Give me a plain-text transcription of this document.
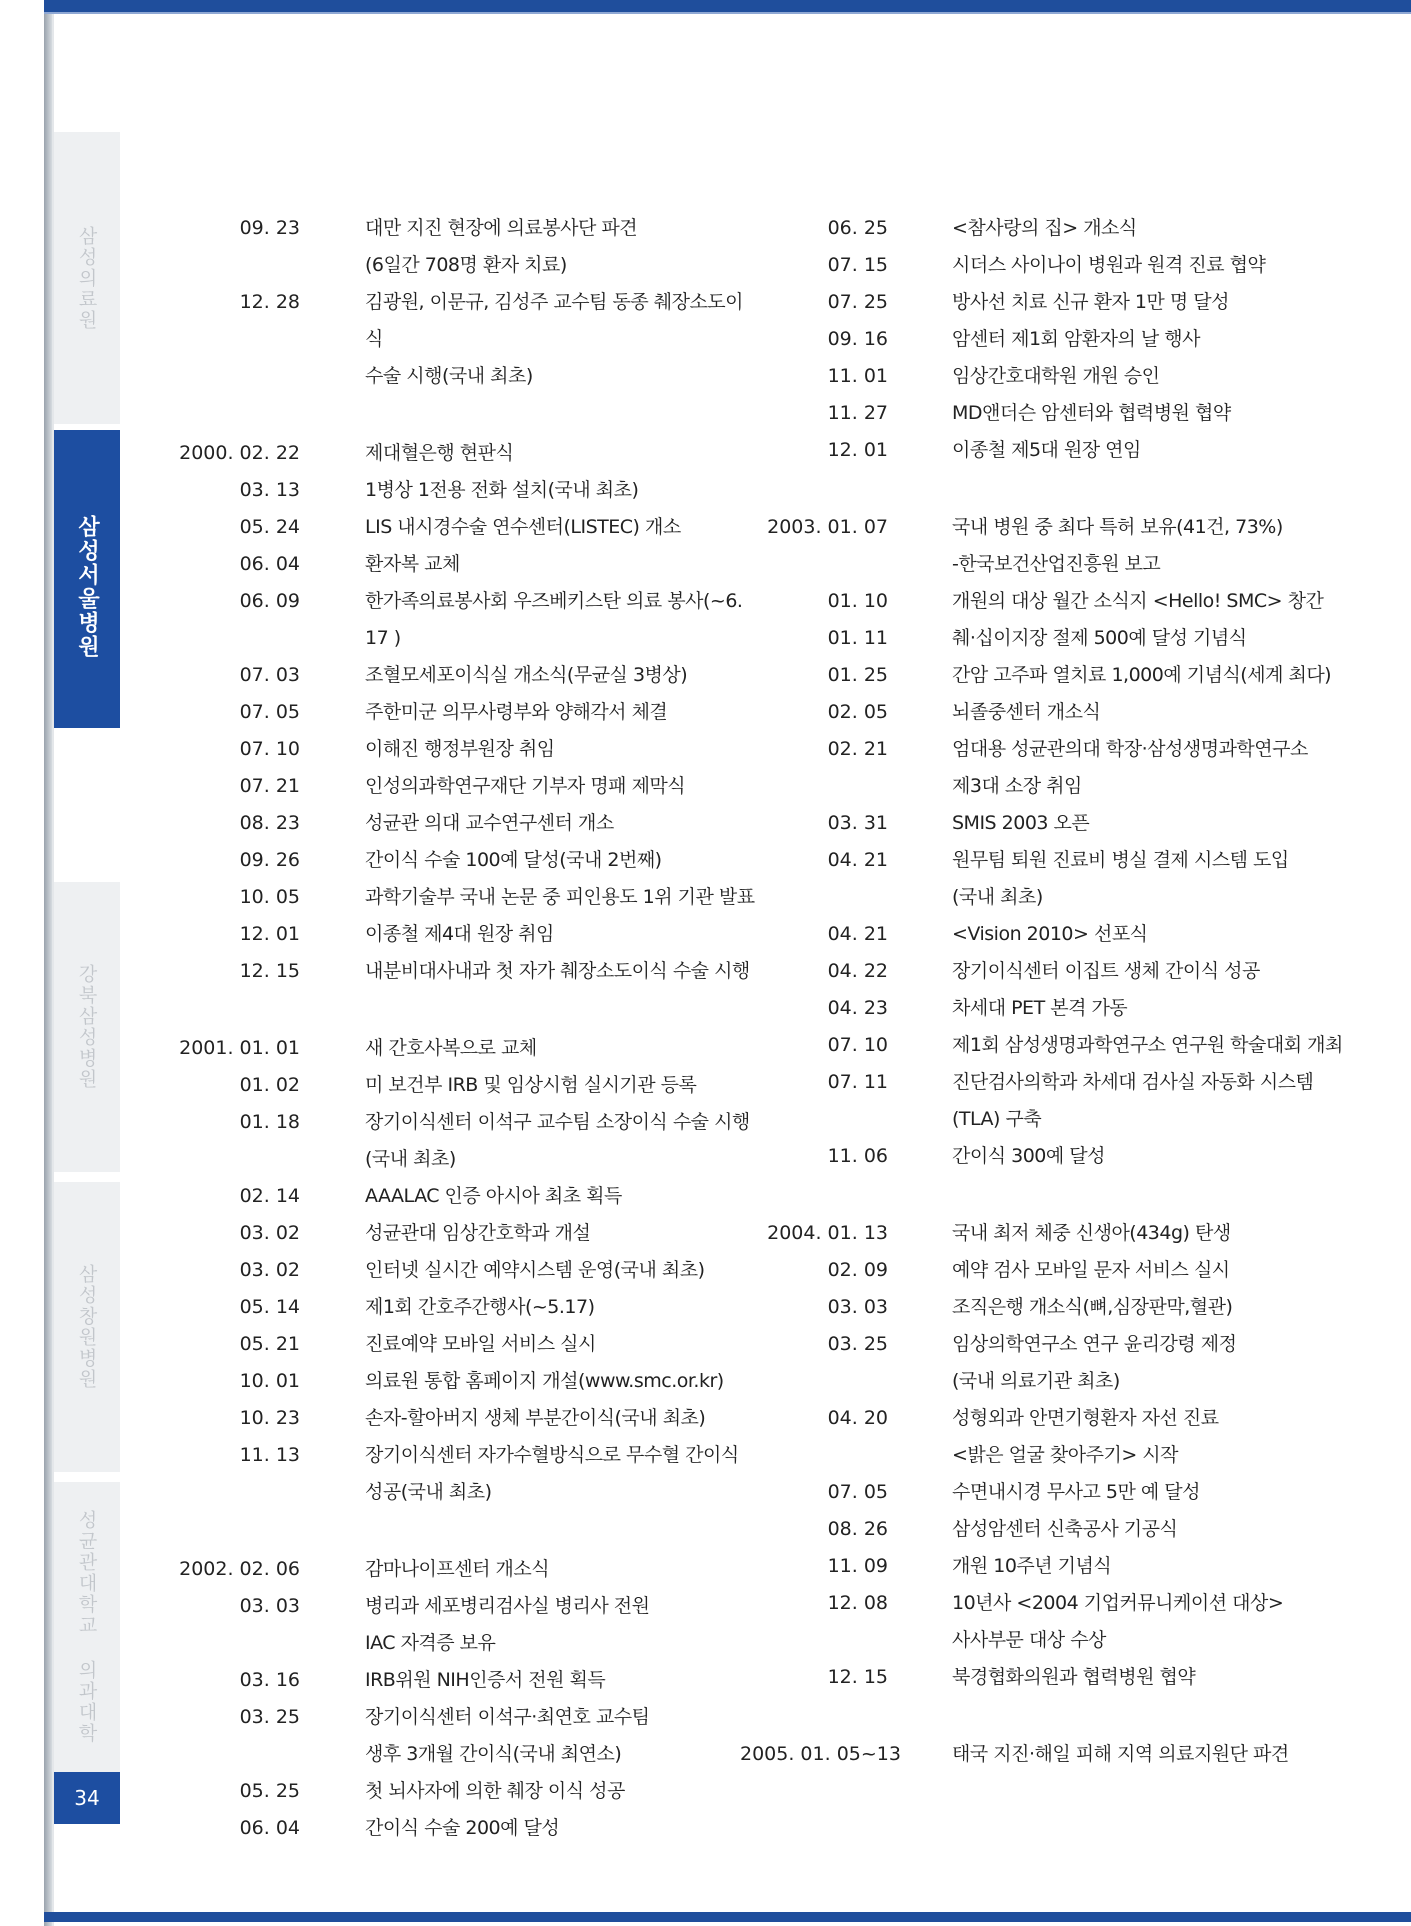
삼성의료원
삼성서울병원
강북삼성병원
삼성창원병원
성균관대학교 의과대학
34
09. 23	대만 지진 현장에 의료봉사단 파견
(6일간 708명 환자 치료)
12. 28	김광원, 이문규, 김성주 교수팀 동종 췌장소도이식
수술 시행(국내 최초)
2000. 02. 22	제대혈은행 현판식
03. 13	1병상 1전용 전화 설치(국내 최초)
05. 24	LIS 내시경수술 연수센터(LISTEC) 개소
06. 04	환자복 교체
06. 09	한가족의료봉사회 우즈베키스탄 의료 봉사(~6. 17 )
07. 03	조혈모세포이식실 개소식(무균실 3병상)
07. 05	주한미군 의무사령부와 양해각서 체결
07. 10	이해진 행정부원장 취임
07. 21	인성의과학연구재단 기부자 명패 제막식
08. 23	성균관 의대 교수연구센터 개소
09. 26	간이식 수술 100예 달성(국내 2번째)
10. 05	과학기술부 국내 논문 중 피인용도 1위 기관 발표
12. 01	이종철 제4대 원장 취임
12. 15	내분비대사내과 첫 자가 췌장소도이식 수술 시행
2001. 01. 01	새 간호사복으로 교체
01. 02	미 보건부 IRB 및 임상시험 실시기관 등록
01. 18	장기이식센터 이석구 교수팀 소장이식 수술 시행
(국내 최초)
02. 14	AAALAC 인증 아시아 최초 획득
03. 02	성균관대 임상간호학과 개설
03. 02	인터넷 실시간 예약시스템 운영(국내 최초)
05. 14	제1회 간호주간행사(~5.17)
05. 21	진료예약 모바일 서비스 실시
10. 01	의료원 통합 홈페이지 개설(www.smc.or.kr)
10. 23	손자-할아버지 생체 부분간이식(국내 최초)
11. 13	장기이식센터 자가수혈방식으로 무수혈 간이식
성공(국내 최초)
2002. 02. 06	감마나이프센터 개소식
03. 03	병리과 세포병리검사실 병리사 전원
IAC 자격증 보유
03. 16	IRB위원 NIH인증서 전원 획득
03. 25	장기이식센터 이석구·최연호 교수팀
생후 3개월 간이식(국내 최연소)
05. 25	첫 뇌사자에 의한 췌장 이식 성공
06. 04	간이식 수술 200예 달성
06. 25	<참사랑의 집> 개소식
07. 15	시더스 사이나이 병원과 원격 진료 협약
07. 25	방사선 치료 신규 환자 1만 명 달성
09. 16	암센터 제1회 암환자의 날 행사
11. 01	임상간호대학원 개원 승인
11. 27	MD앤더슨 암센터와 협력병원 협약
12. 01	이종철 제5대 원장 연임
2003. 01. 07	국내 병원 중 최다 특허 보유(41건, 73%)
-한국보건산업진흥원 보고
01. 10	개원의 대상 월간 소식지 <Hello! SMC> 창간
01. 11	췌·십이지장 절제 500예 달성 기념식
01. 25	간암 고주파 열치료 1,000예 기념식(세계 최다)
02. 05	뇌졸중센터 개소식
02. 21	엄대용 성균관의대 학장·삼성생명과학연구소
제3대 소장 취임
03. 31	SMIS 2003 오픈
04. 21	원무팀 퇴원 진료비 병실 결제 시스템 도입
(국내 최초)
04. 21	<Vision 2010> 선포식
04. 22	장기이식센터 이집트 생체 간이식 성공
04. 23	차세대 PET 본격 가동
07. 10	제1회 삼성생명과학연구소 연구원 학술대회 개최
07. 11	진단검사의학과 차세대 검사실 자동화 시스템
(TLA) 구축
11. 06	간이식 300예 달성
2004. 01. 13	국내 최저 체중 신생아(434g) 탄생
02. 09	예약 검사 모바일 문자 서비스 실시
03. 03	조직은행 개소식(뼈,심장판막,혈관)
03. 25	임상의학연구소 연구 윤리강령 제정
(국내 의료기관 최초)
04. 20	성형외과 안면기형환자 자선 진료
<밝은 얼굴 찾아주기> 시작
07. 05	수면내시경 무사고 5만 예 달성
08. 26	삼성암센터 신축공사 기공식
11. 09	개원 10주년 기념식
12. 08	10년사 <2004 기업커뮤니케이션 대상>
사사부문 대상 수상
12. 15	북경협화의원과 협력병원 협약
2005. 01. 05~13	태국 지진·해일 피해 지역 의료지원단 파견
